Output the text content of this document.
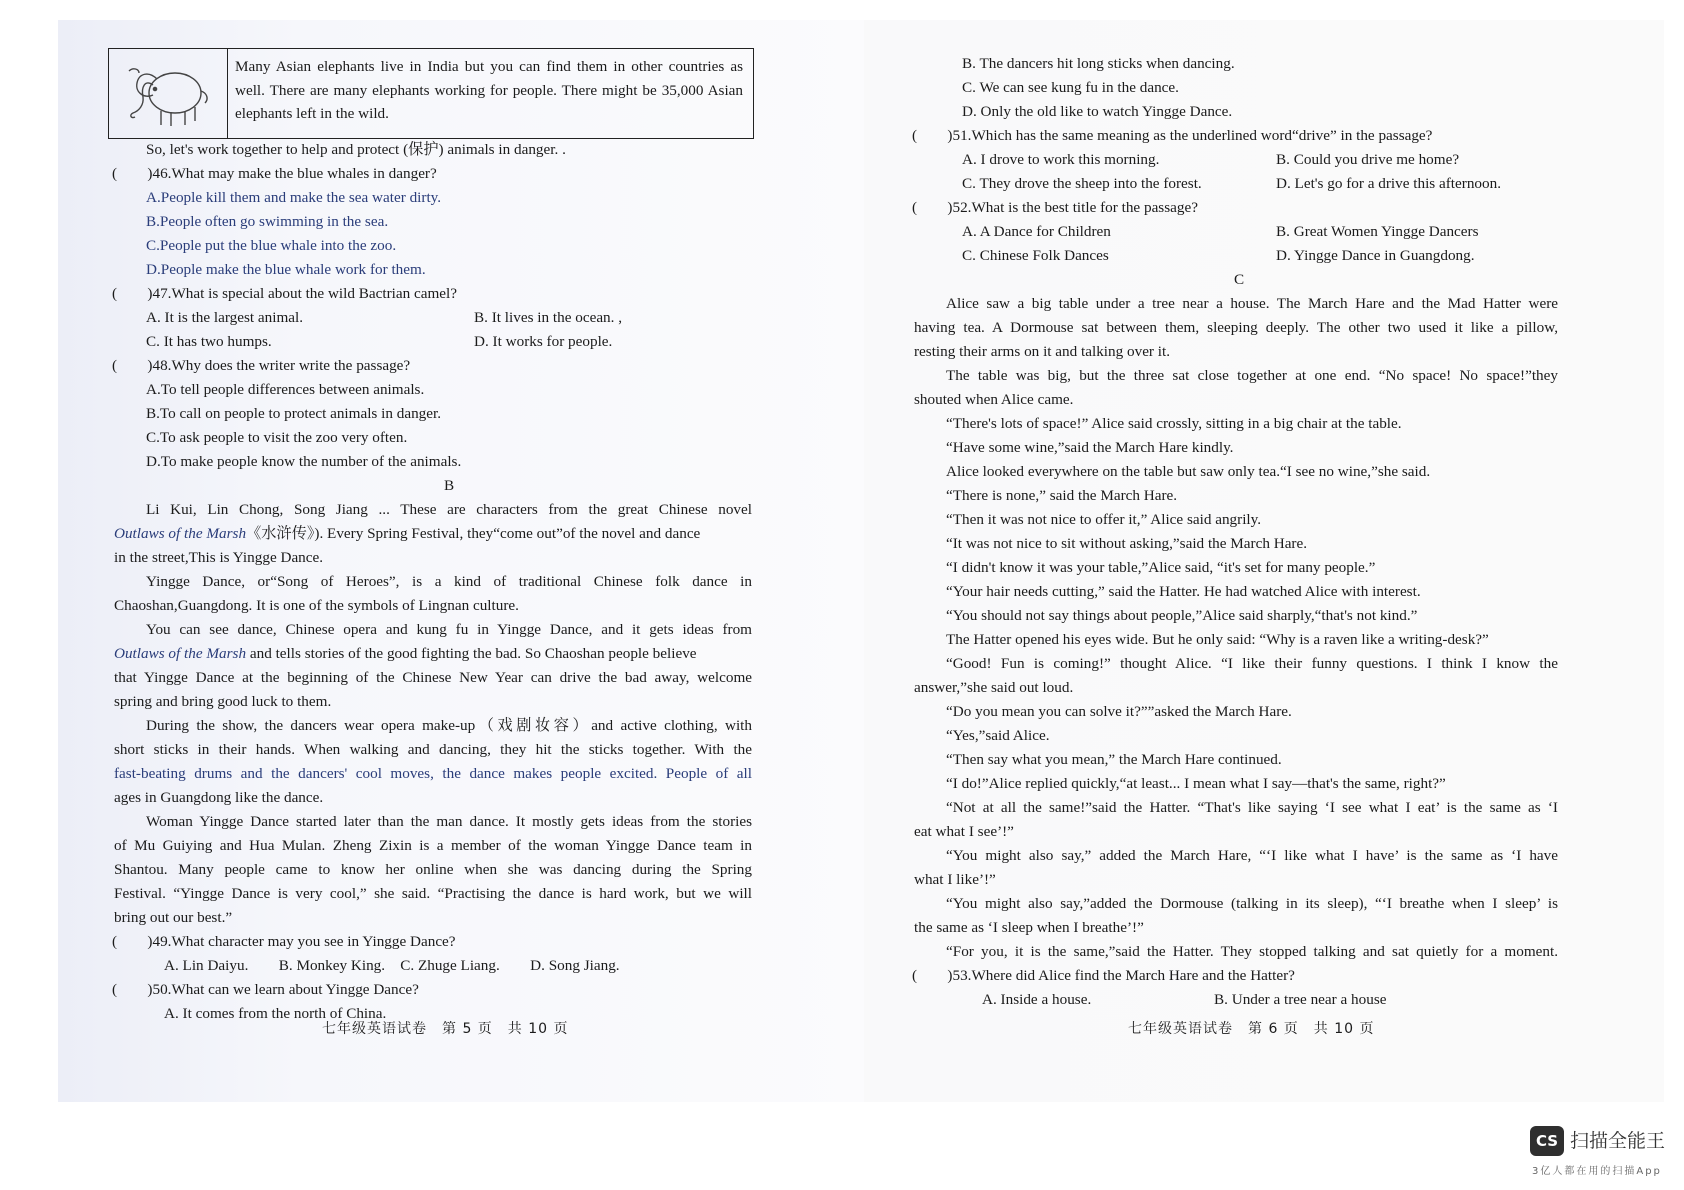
Many Asian elephants live in India but you can find them in other countries as well. There are many elephants working for people. There might be 35,000 Asian elephants left in the wild.
So, let's work together to help and protect (保护) animals in danger. .
(　　)46.What may make the blue whales in danger?
A.People kill them and make the sea water dirty.
B.People often go swimming in the sea.
C.People put the blue whale into the zoo.
D.People make the blue whale work for them.
(　　)47.What is special about the wild Bactrian camel?
A. It is the largest animal.	B. It lives in the ocean. ,
C. It has two humps.	D. It works for people.
(　　)48.Why does the writer write the passage?
A.To tell people differences between animals.
B.To call on people to protect animals in danger.
C.To ask people to visit the zoo very often.
D.To make people know the number of the animals.
B
Li Kui, Lin Chong, Song Jiang ... These are characters from the great Chinese novel
Outlaws of the Marsh《水浒传》). Every Spring Festival, they“come out”of the novel and dance
in the street,This is Yingge Dance.
Yingge Dance, or“Song of Heroes”, is a kind of traditional Chinese folk dance in
Chaoshan,Guangdong. It is one of the symbols of Lingnan culture.
You can see dance, Chinese opera and kung fu in Yingge Dance, and it gets ideas from
Outlaws of the Marsh and tells stories of the good fighting the bad. So Chaoshan people believe
that Yingge Dance at the beginning of the Chinese New Year can drive the bad away, welcome
spring and bring good luck to them.
During the show, the dancers wear opera make-up（戏剧妆容）and active clothing, with
short sticks in their hands. When walking and dancing, they hit the sticks together. With the
fast-beating drums and the dancers' cool moves, the dance makes people excited. People of all
ages in Guangdong like the dance.
Woman Yingge Dance started later than the man dance. It mostly gets ideas from the stories
of Mu Guiying and Hua Mulan. Zheng Zixin is a member of the woman Yingge Dance team in
Shantou. Many people came to know her online when she was dancing during the Spring
Festival. “Yingge Dance is very cool,” she said. “Practising the dance is hard work, but we will
bring out our best.”
(　　)49.What character may you see in Yingge Dance?
A. Lin Daiyu.　　B. Monkey King.　C. Zhuge Liang.　　D. Song Jiang.
(　　)50.What can we learn about Yingge Dance?
A. It comes from the north of China.
七年级英语试卷　第 5 页　共 10 页
B. The dancers hit long sticks when dancing.
C. We can see kung fu in the dance.
D. Only the old like to watch Yingge Dance.
(　　)51.Which has the same meaning as the underlined word“drive” in the passage?
A. I drove to work this morning.	B. Could you drive me home?
C. They drove the sheep into the forest.	D. Let's go for a drive this afternoon.
(　　)52.What is the best title for the passage?
A. A Dance for Children	B. Great Women Yingge Dancers
C. Chinese Folk Dances	D. Yingge Dance in Guangdong.
C
Alice saw a big table under a tree near a house. The March Hare and the Mad Hatter were
having tea. A Dormouse sat between them, sleeping deeply. The other two used it like a pillow,
resting their arms on it and talking over it.
The table was big, but the three sat close together at one end. “No space! No space!”they
shouted when Alice came.
“There's lots of space!” Alice said crossly, sitting in a big chair at the table.
“Have some wine,”said the March Hare kindly.
Alice looked everywhere on the table but saw only tea.“I see no wine,”she said.
“There is none,” said the March Hare.
“Then it was not nice to offer it,” Alice said angrily.
“It was not nice to sit without asking,”said the March Hare.
“I didn't know it was your table,”Alice said, “it's set for many people.”
“Your hair needs cutting,” said the Hatter. He had watched Alice with interest.
“You should not say things about people,”Alice said sharply,“that's not kind.”
The Hatter opened his eyes wide. But he only said: “Why is a raven like a writing-desk?”
“Good! Fun is coming!” thought Alice. “I like their funny questions. I think I know the
answer,”she said out loud.
“Do you mean you can solve it?””asked the March Hare.
“Yes,”said Alice.
“Then say what you mean,” the March Hare continued.
“I do!”Alice replied quickly,“at least... I mean what I say—that's the same, right?”
“Not at all the same!”said the Hatter. “That's like saying ‘I see what I eat’ is the same as ‘I
eat what I see’!”
“You might also say,” added the March Hare, “‘I like what I have’ is the same as ‘I have
what I like’!”
“You might also say,”added the Dormouse (talking in its sleep), “‘I breathe when I sleep’ is
the same as ‘I sleep when I breathe’!”
“For you, it is the same,”said the Hatter. They stopped talking and sat quietly for a moment.
(　　)53.Where did Alice find the March Hare and the Hatter?
A. Inside a house.	B. Under a tree near a house
七年级英语试卷　第 6 页　共 10 页
CS 扫描全能王
3亿人都在用的扫描App
